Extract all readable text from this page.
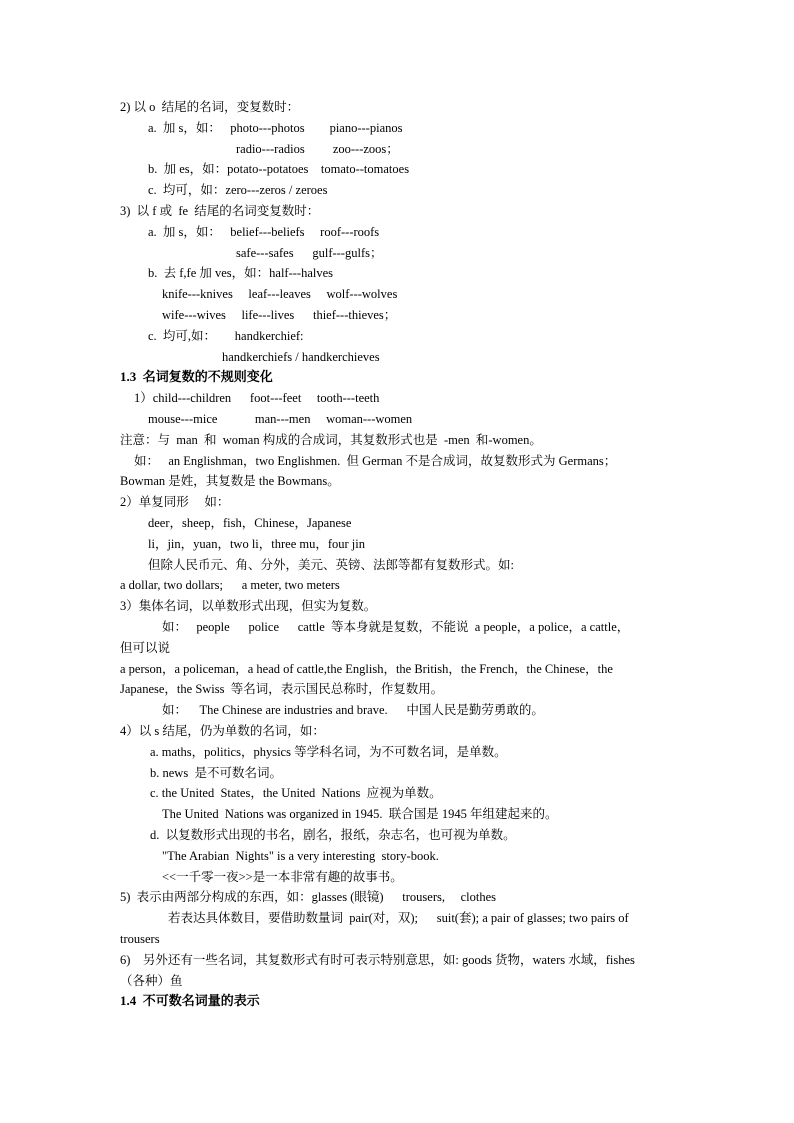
2) 以 o  结尾的名词，变复数时：
a.  加 s，如：   photo---photos        piano---pianos
radio---radios         zoo---zoos；
b.  加 es，如：potato--potatoes    tomato--tomatoes
c.  均可，如：zero---zeros / zeroes
3)  以 f 或  fe  结尾的名词变复数时：
a.  加 s，如：   belief---beliefs     roof---roofs
safe---safes      gulf---gulfs；
b.  去 f,fe 加 ves，如：half---halves
knife---knives     leaf---leaves     wolf---wolves
wife---wives     life---lives      thief---thieves；
c.  均可,如：      handkerchief:
handkerchiefs / handkerchieves
1.3  名词复数的不规则变化
1）child---children      foot---feet     tooth---teeth
mouse---mice            man---men     woman---women
注意：与  man  和  woman 构成的合成词，其复数形式也是  -men  和-women。
如：   an Englishman，two Englishmen.  但 German 不是合成词，故复数形式为 Germans；
Bowman 是姓，其复数是 the Bowmans。
2）单复同形     如：
deer，sheep，fish，Chinese，Japanese
li，jin，yuan，two li，three mu，four jin
但除人民币元、角、分外，美元、英镑、法郎等都有复数形式。如:
a dollar, two dollars;      a meter, two meters
3）集体名词，以单数形式出现，但实为复数。
如：   people      police      cattle  等本身就是复数，不能说  a people，a police，a cattle，
但可以说
a person，a policeman，a head of cattle,the English，the British，the French，the Chinese，the
Japanese，the Swiss  等名词，表示国民总称时，作复数用。
如：    The Chinese are industries and brave.      中国人民是勤劳勇敢的。
4）以 s 结尾，仍为单数的名词，如：
a. maths，politics，physics 等学科名词，为不可数名词，是单数。
b. news  是不可数名词。
c. the United  States，the United  Nations  应视为单数。
The United  Nations was organized in 1945.  联合国是 1945 年组建起来的。
d.  以复数形式出现的书名，剧名，报纸，杂志名，也可视为单数。
"The Arabian  Nights" is a very interesting  story-book.
<<一千零一夜>>是一本非常有趣的故事书。
5)  表示由两部分构成的东西，如：glasses (眼镜)      trousers,     clothes
若表达具体数目，要借助数量词  pair(对，双);      suit(套); a pair of glasses; two pairs of
trousers
6)    另外还有一些名词，其复数形式有时可表示特别意思，如: goods 货物，waters 水域，fishes
（各种）鱼
1.4  不可数名词量的表示
